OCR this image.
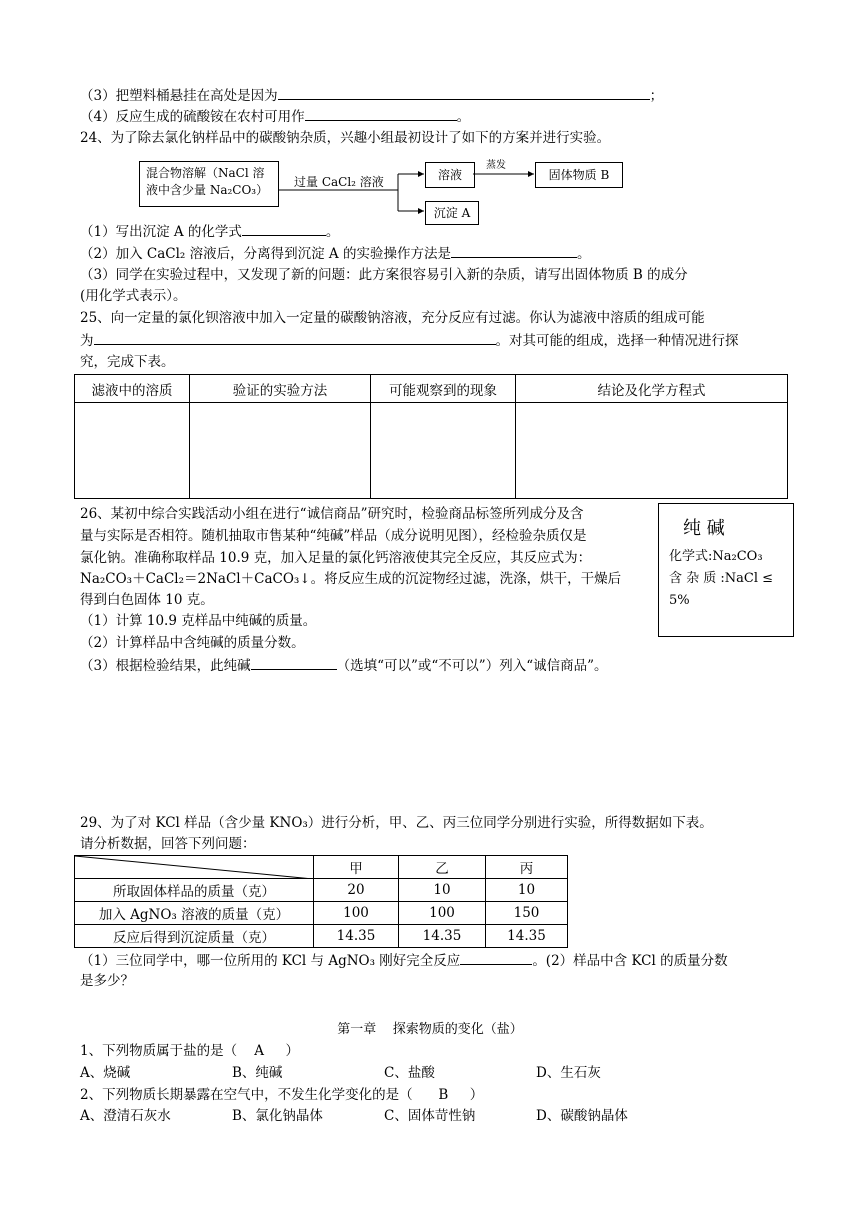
（3）把塑料桶悬挂在高处是因为	；
（4）反应生成的硫酸铵在农村可用作	。
24、为了除去氯化钠样品中的碳酸钠杂质，兴趣小组最初设计了如下的方案并进行实验。
混合物溶解（NaCl 溶
液中含少量 Na₂CO₃）
过量 CaCl₂ 溶液	溶液
蒸发
固体物质 B
沉淀 A
（1）写出沉淀 A 的化学式	。
（2）加入 CaCl₂ 溶液后，分离得到沉淀 A 的实验操作方法是	。
（3）同学在实验过程中，又发现了新的问题：此方案很容易引入新的杂质，请写出固体物质 B 的成分
(用化学式表示）。
25、向一定量的氯化钡溶液中加入一定量的碳酸钠溶液，充分反应有过滤。你认为滤液中溶质的组成可能
为	。对其可能的组成，选择一种情况进行探
究，完成下表。
滤液中的溶质	验证的实验方法	可能观察到的现象	结论及化学方程式

26、某初中综合实践活动小组在进行“诚信商品”研究时，检验商品标签所列成分及含
量与实际是否相符。随机抽取市售某种“纯碱”样品（成分说明见图），经检验杂质仅是
氯化钠。准确称取样品 10.9 克，加入足量的氯化钙溶液使其完全反应，其反应式为：
Na₂CO₃＋CaCl₂＝2NaCl＋CaCO₃↓。将反应生成的沉淀物经过滤，洗涤，烘干，干燥后
得到白色固体 10 克。
（1）计算 10.9 克样品中纯碱的质量。
（2）计算样品中含纯碱的质量分数。
（3）根据检验结果，此纯碱	（选填“可以”或“不可以”）列入“诚信商品”。
纯 碱
化学式:Na₂CO₃
含 杂 质 :NaCl ≤
5%
29、为了对 KCl 样品（含少量 KNO₃）进行分析，甲、乙、丙三位同学分别进行实验，所得数据如下表。
请分析数据，回答下列问题：
	甲	乙	丙
所取固体样品的质量（克）	20	10	10
加入 AgNO₃ 溶液的质量（克）	100	100	150
反应后得到沉淀质量（克）	14.35	14.35	14.35
（1）三位同学中，哪一位所用的 KCl 与 AgNO₃ 刚好完全反应	。(2）样品中含 KCl 的质量分数
是多少？
第一章    探索物质的变化（盐）
1、下列物质属于盐的是（    A     ）
A、烧碱	B、纯碱	C、盐酸	D、生石灰
2、下列物质长期暴露在空气中，不发生化学变化的是（      B     ）
A、澄清石灰水	B、氯化钠晶体	C、固体苛性钠	D、碳酸钠晶体
